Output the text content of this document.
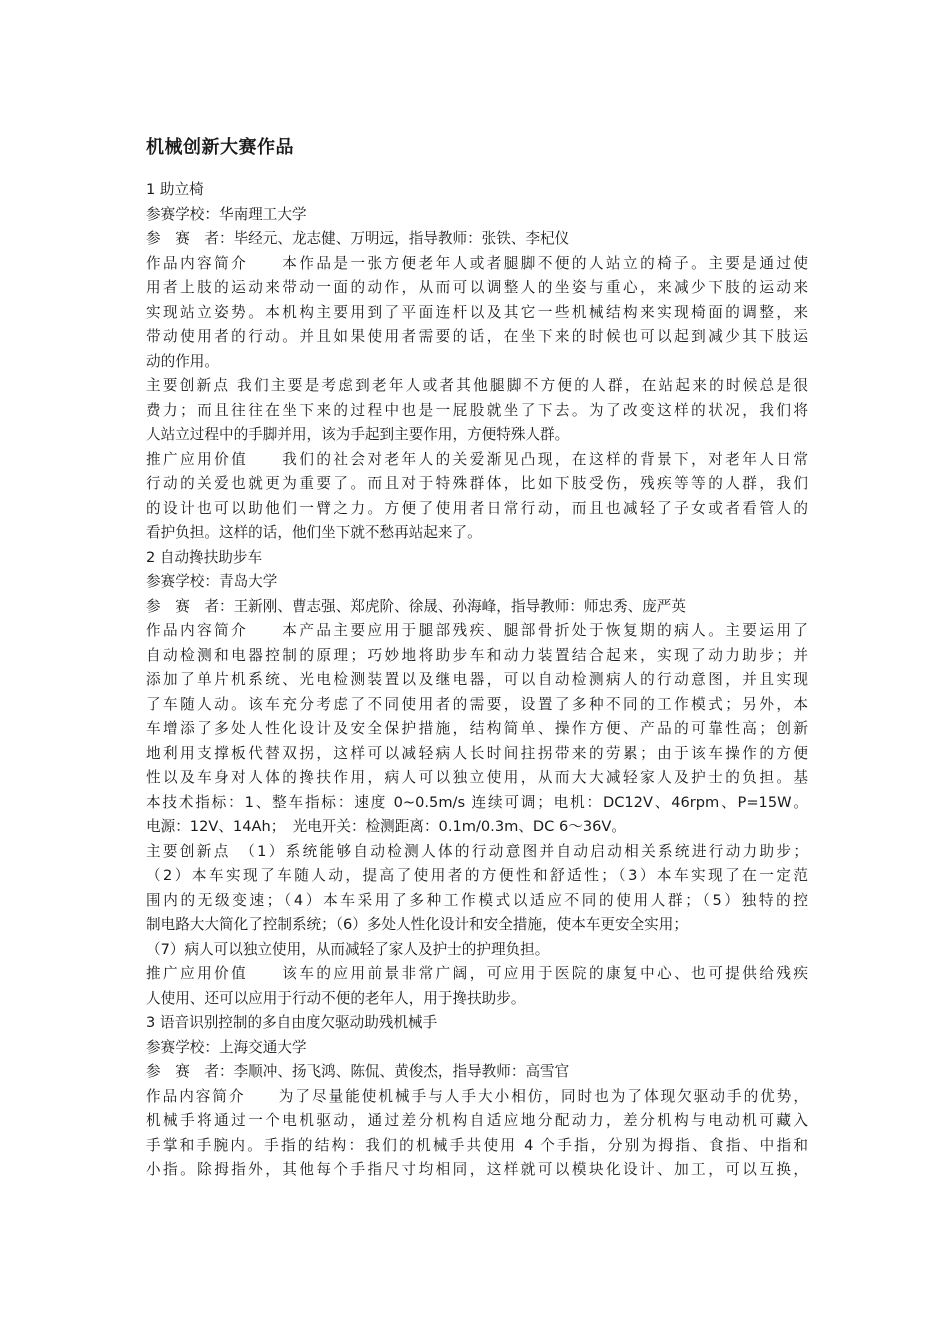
机械创新大赛作品
1 助立椅
参赛学校：华南理工大学
参　赛　者：毕经元、龙志健、万明远，指导教师：张铁、李杞仪
作品内容简介　　本作品是一张方便老年人或者腿脚不便的人站立的椅子。主要是通过使
用者上肢的运动来带动一面的动作，从而可以调整人的坐姿与重心，来减少下肢的运动来
实现站立姿势。本机构主要用到了平面连杆以及其它一些机械结构来实现椅面的调整，来
带动使用者的行动。并且如果使用者需要的话，在坐下来的时候也可以起到减少其下肢运
动的作用。
主要创新点 我们主要是考虑到老年人或者其他腿脚不方便的人群，在站起来的时候总是很
费力；而且往往在坐下来的过程中也是一屁股就坐了下去。为了改变这样的状况，我们将
人站立过程中的手脚并用，该为手起到主要作用，方便特殊人群。
推广应用价值　　我们的社会对老年人的关爱渐见凸现，在这样的背景下，对老年人日常
行动的关爱也就更为重要了。而且对于特殊群体，比如下肢受伤，残疾等等的人群，我们
的设计也可以助他们一臂之力。方便了使用者日常行动，而且也减轻了子女或者看管人的
看护负担。这样的话，他们坐下就不愁再站起来了。
2 自动搀扶助步车
参赛学校：青岛大学
参　赛　者：王新刚、曹志强、郑虎阶、徐晟、孙海峰，指导教师：师忠秀、庞严英
作品内容简介　　本产品主要应用于腿部残疾、腿部骨折处于恢复期的病人。主要运用了
自动检测和电器控制的原理；巧妙地将助步车和动力装置结合起来，实现了动力助步；并
添加了单片机系统、光电检测装置以及继电器，可以自动检测病人的行动意图，并且实现
了车随人动。该车充分考虑了不同使用者的需要，设置了多种不同的工作模式；另外，本
车增添了多处人性化设计及安全保护措施，结构简单、操作方便、产品的可靠性高；创新
地利用支撑板代替双拐，这样可以减轻病人长时间拄拐带来的劳累；由于该车操作的方便
性以及车身对人体的搀扶作用，病人可以独立使用，从而大大减轻家人及护士的负担。基
本技术指标：1、整车指标：速度 0~0.5m/s 连续可调；电机：DC12V、46rpm、P=15W。
电源：12V、14Ah；　光电开关：检测距离：0.1m/0.3m、DC 6～36V。
主要创新点　（1）系统能够自动检测人体的行动意图并自动启动相关系统进行动力助步；
（2）本车实现了车随人动，提高了使用者的方便性和舒适性；（3）本车实现了在一定范
围内的无级变速；（4）本车采用了多种工作模式以适应不同的使用人群；（5）独特的控
制电路大大简化了控制系统；（6）多处人性化设计和安全措施，使本车更安全实用；
（7）病人可以独立使用，从而减轻了家人及护士的护理负担。
推广应用价值　　该车的应用前景非常广阔，可应用于医院的康复中心、也可提供给残疾
人使用、还可以应用于行动不便的老年人，用于搀扶助步。
3 语音识别控制的多自由度欠驱动助残机械手
参赛学校：上海交通大学
参　赛　者：李顺冲、扬飞鸿、陈侃、黄俊杰，指导教师：高雪官
作品内容简介　　为了尽量能使机械手与人手大小相仿，同时也为了体现欠驱动手的优势，
机械手将通过一个电机驱动，通过差分机构自适应地分配动力，差分机构与电动机可藏入
手掌和手腕内。手指的结构：我们的机械手共使用 4 个手指，分别为拇指、食指、中指和
小指。除拇指外，其他每个手指尺寸均相同，这样就可以模块化设计、加工，可以互换，
